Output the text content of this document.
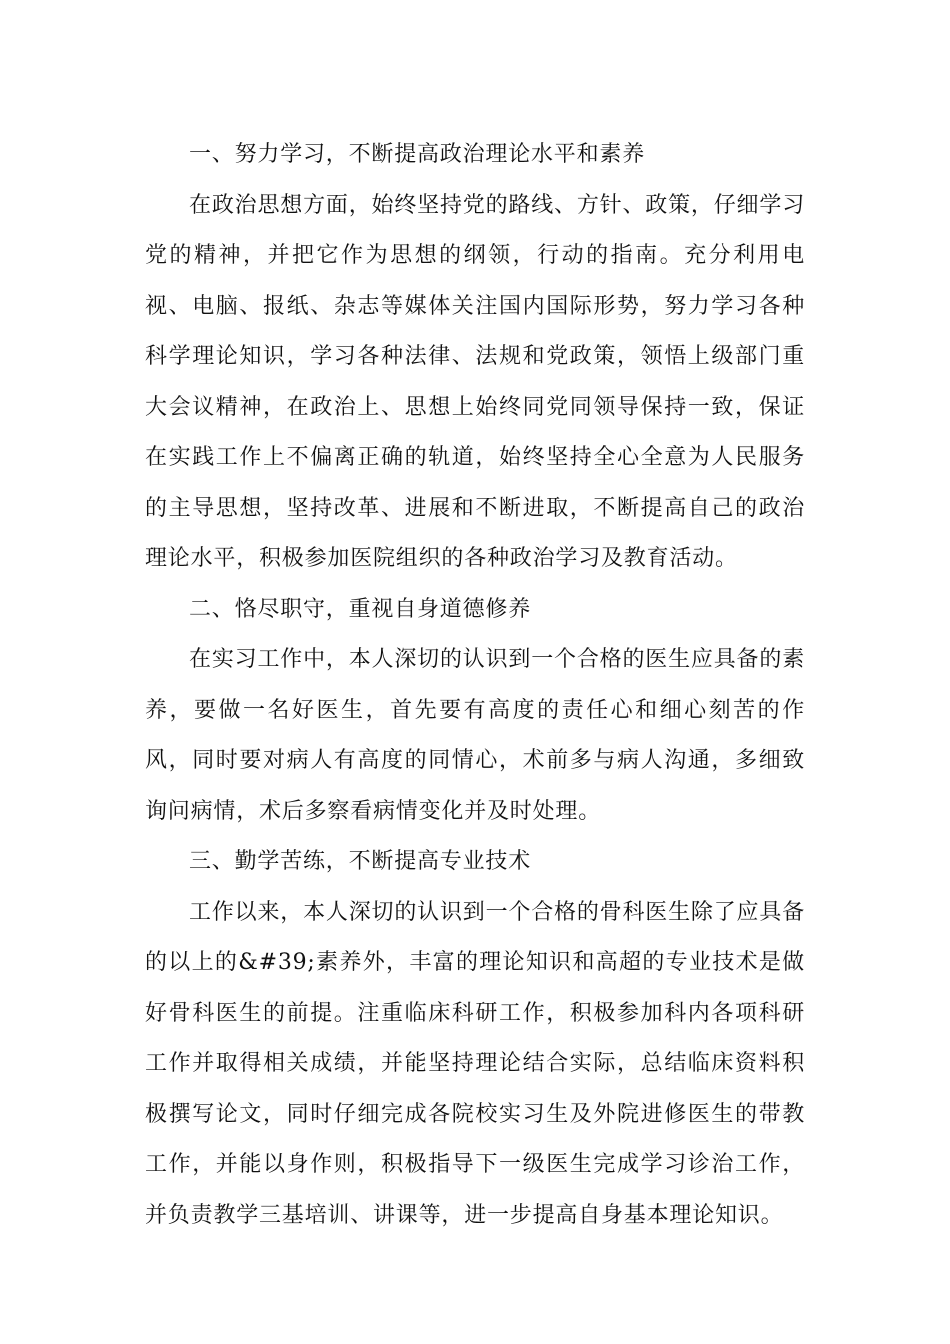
一、努力学习，不断提高政治理论水平和素养

在政治思想方面，始终坚持党的路线、方针、政策，仔细学习党的精神，并把它作为思想的纲领，行动的指南。充分利用电视、电脑、报纸、杂志等媒体关注国内国际形势，努力学习各种科学理论知识，学习各种法律、法规和党政策，领悟上级部门重大会议精神，在政治上、思想上始终同党同领导保持一致，保证在实践工作上不偏离正确的轨道，始终坚持全心全意为人民服务的主导思想，坚持改革、进展和不断进取，不断提高自己的政治理论水平，积极参加医院组织的各种政治学习及教育活动。

二、恪尽职守，重视自身道德修养

在实习工作中，本人深切的认识到一个合格的医生应具备的素养，要做一名好医生，首先要有高度的责任心和细心刻苦的作风，同时要对病人有高度的同情心，术前多与病人沟通，多细致询问病情，术后多察看病情变化并及时处理。

三、勤学苦练，不断提高专业技术

工作以来，本人深切的认识到一个合格的骨科医生除了应具备的以上的&#39;素养外，丰富的理论知识和高超的专业技术是做好骨科医生的前提。注重临床科研工作，积极参加科内各项科研工作并取得相关成绩，并能坚持理论结合实际，总结临床资料积极撰写论文，同时仔细完成各院校实习生及外院进修医生的带教工作，并能以身作则，积极指导下一级医生完成学习诊治工作，并负责教学三基培训、讲课等，进一步提高自身基本理论知识。
